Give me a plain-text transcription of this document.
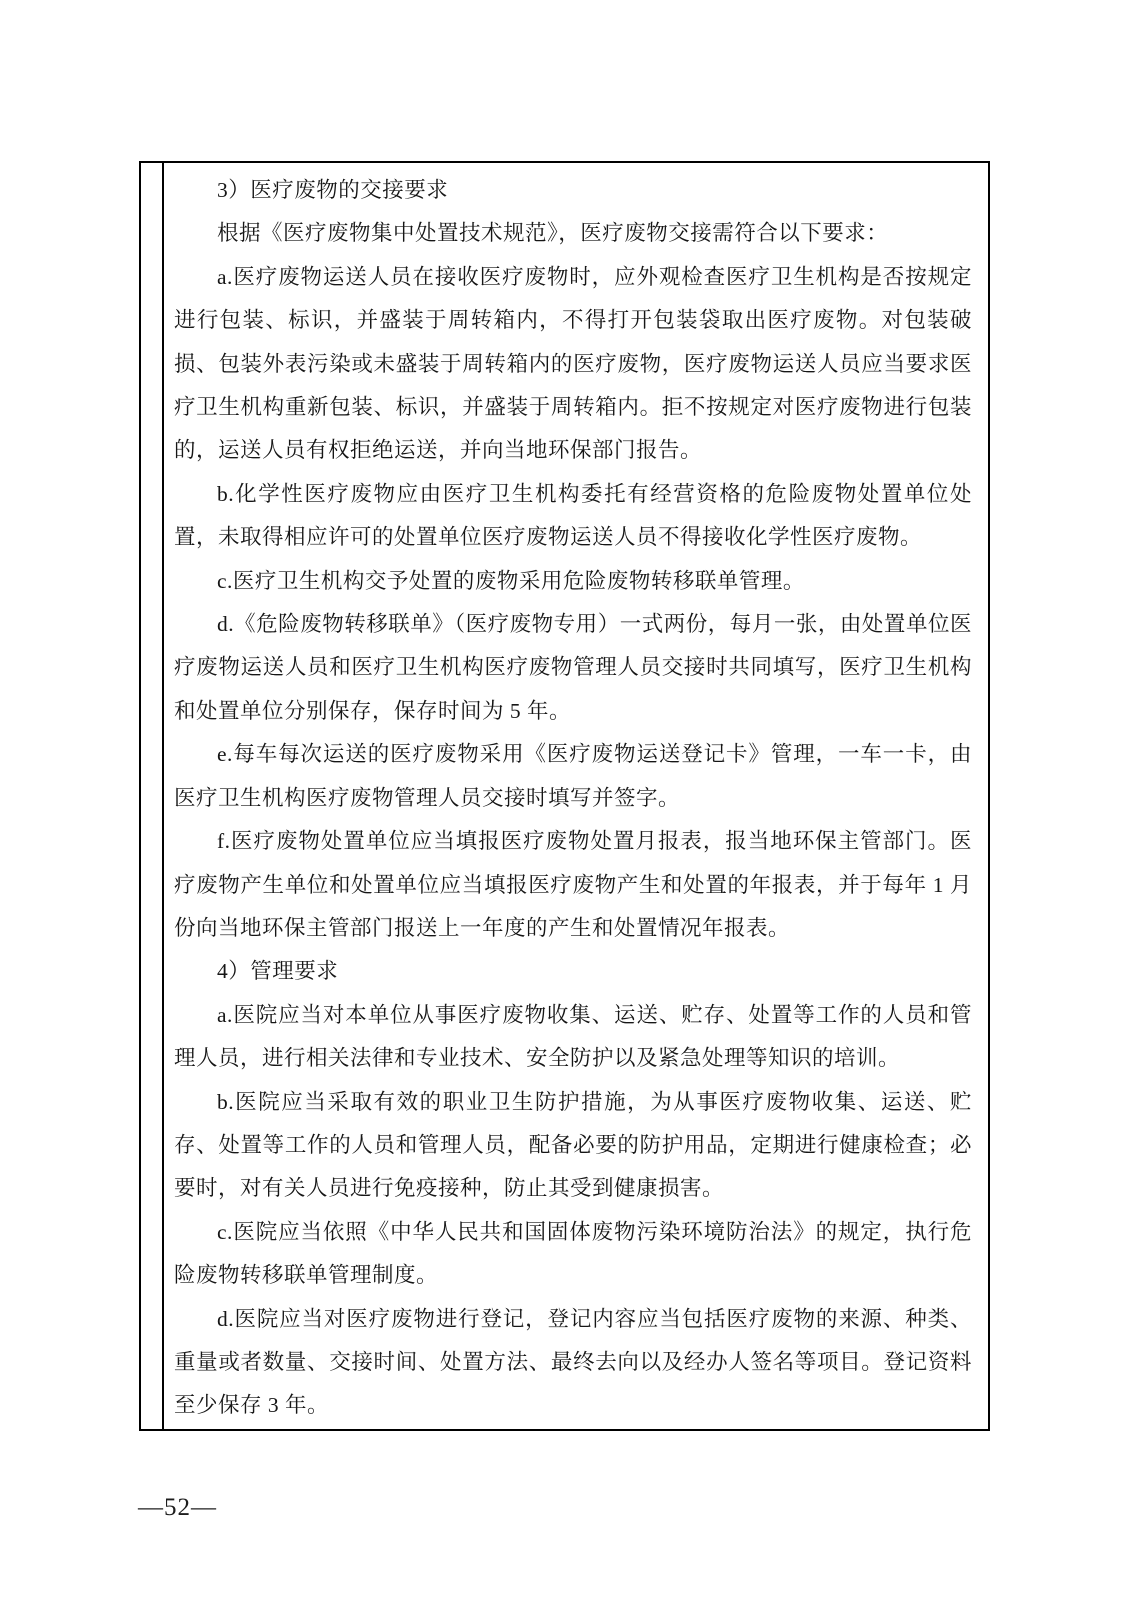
3）医疗废物的交接要求

根据《医疗废物集中处置技术规范》，医疗废物交接需符合以下要求：

a.医疗废物运送人员在接收医疗废物时，应外观检查医疗卫生机构是否按规定进行包装、标识，并盛装于周转箱内，不得打开包装袋取出医疗废物。对包装破损、包装外表污染或未盛装于周转箱内的医疗废物，医疗废物运送人员应当要求医疗卫生机构重新包装、标识，并盛装于周转箱内。拒不按规定对医疗废物进行包装的，运送人员有权拒绝运送，并向当地环保部门报告。

b.化学性医疗废物应由医疗卫生机构委托有经营资格的危险废物处置单位处置，未取得相应许可的处置单位医疗废物运送人员不得接收化学性医疗废物。

c.医疗卫生机构交予处置的废物采用危险废物转移联单管理。

d.《危险废物转移联单》（医疗废物专用）一式两份，每月一张，由处置单位医疗废物运送人员和医疗卫生机构医疗废物管理人员交接时共同填写，医疗卫生机构和处置单位分别保存，保存时间为 5 年。

e.每车每次运送的医疗废物采用《医疗废物运送登记卡》管理，一车一卡，由医疗卫生机构医疗废物管理人员交接时填写并签字。

f.医疗废物处置单位应当填报医疗废物处置月报表，报当地环保主管部门。医疗废物产生单位和处置单位应当填报医疗废物产生和处置的年报表，并于每年 1 月份向当地环保主管部门报送上一年度的产生和处置情况年报表。

4）管理要求

a.医院应当对本单位从事医疗废物收集、运送、贮存、处置等工作的人员和管理人员，进行相关法律和专业技术、安全防护以及紧急处理等知识的培训。

b.医院应当采取有效的职业卫生防护措施，为从事医疗废物收集、运送、贮存、处置等工作的人员和管理人员，配备必要的防护用品，定期进行健康检查；必要时，对有关人员进行免疫接种，防止其受到健康损害。

c.医院应当依照《中华人民共和国固体废物污染环境防治法》的规定，执行危险废物转移联单管理制度。

d.医院应当对医疗废物进行登记，登记内容应当包括医疗废物的来源、种类、重量或者数量、交接时间、处置方法、最终去向以及经办人签名等项目。登记资料至少保存 3 年。

—52—
